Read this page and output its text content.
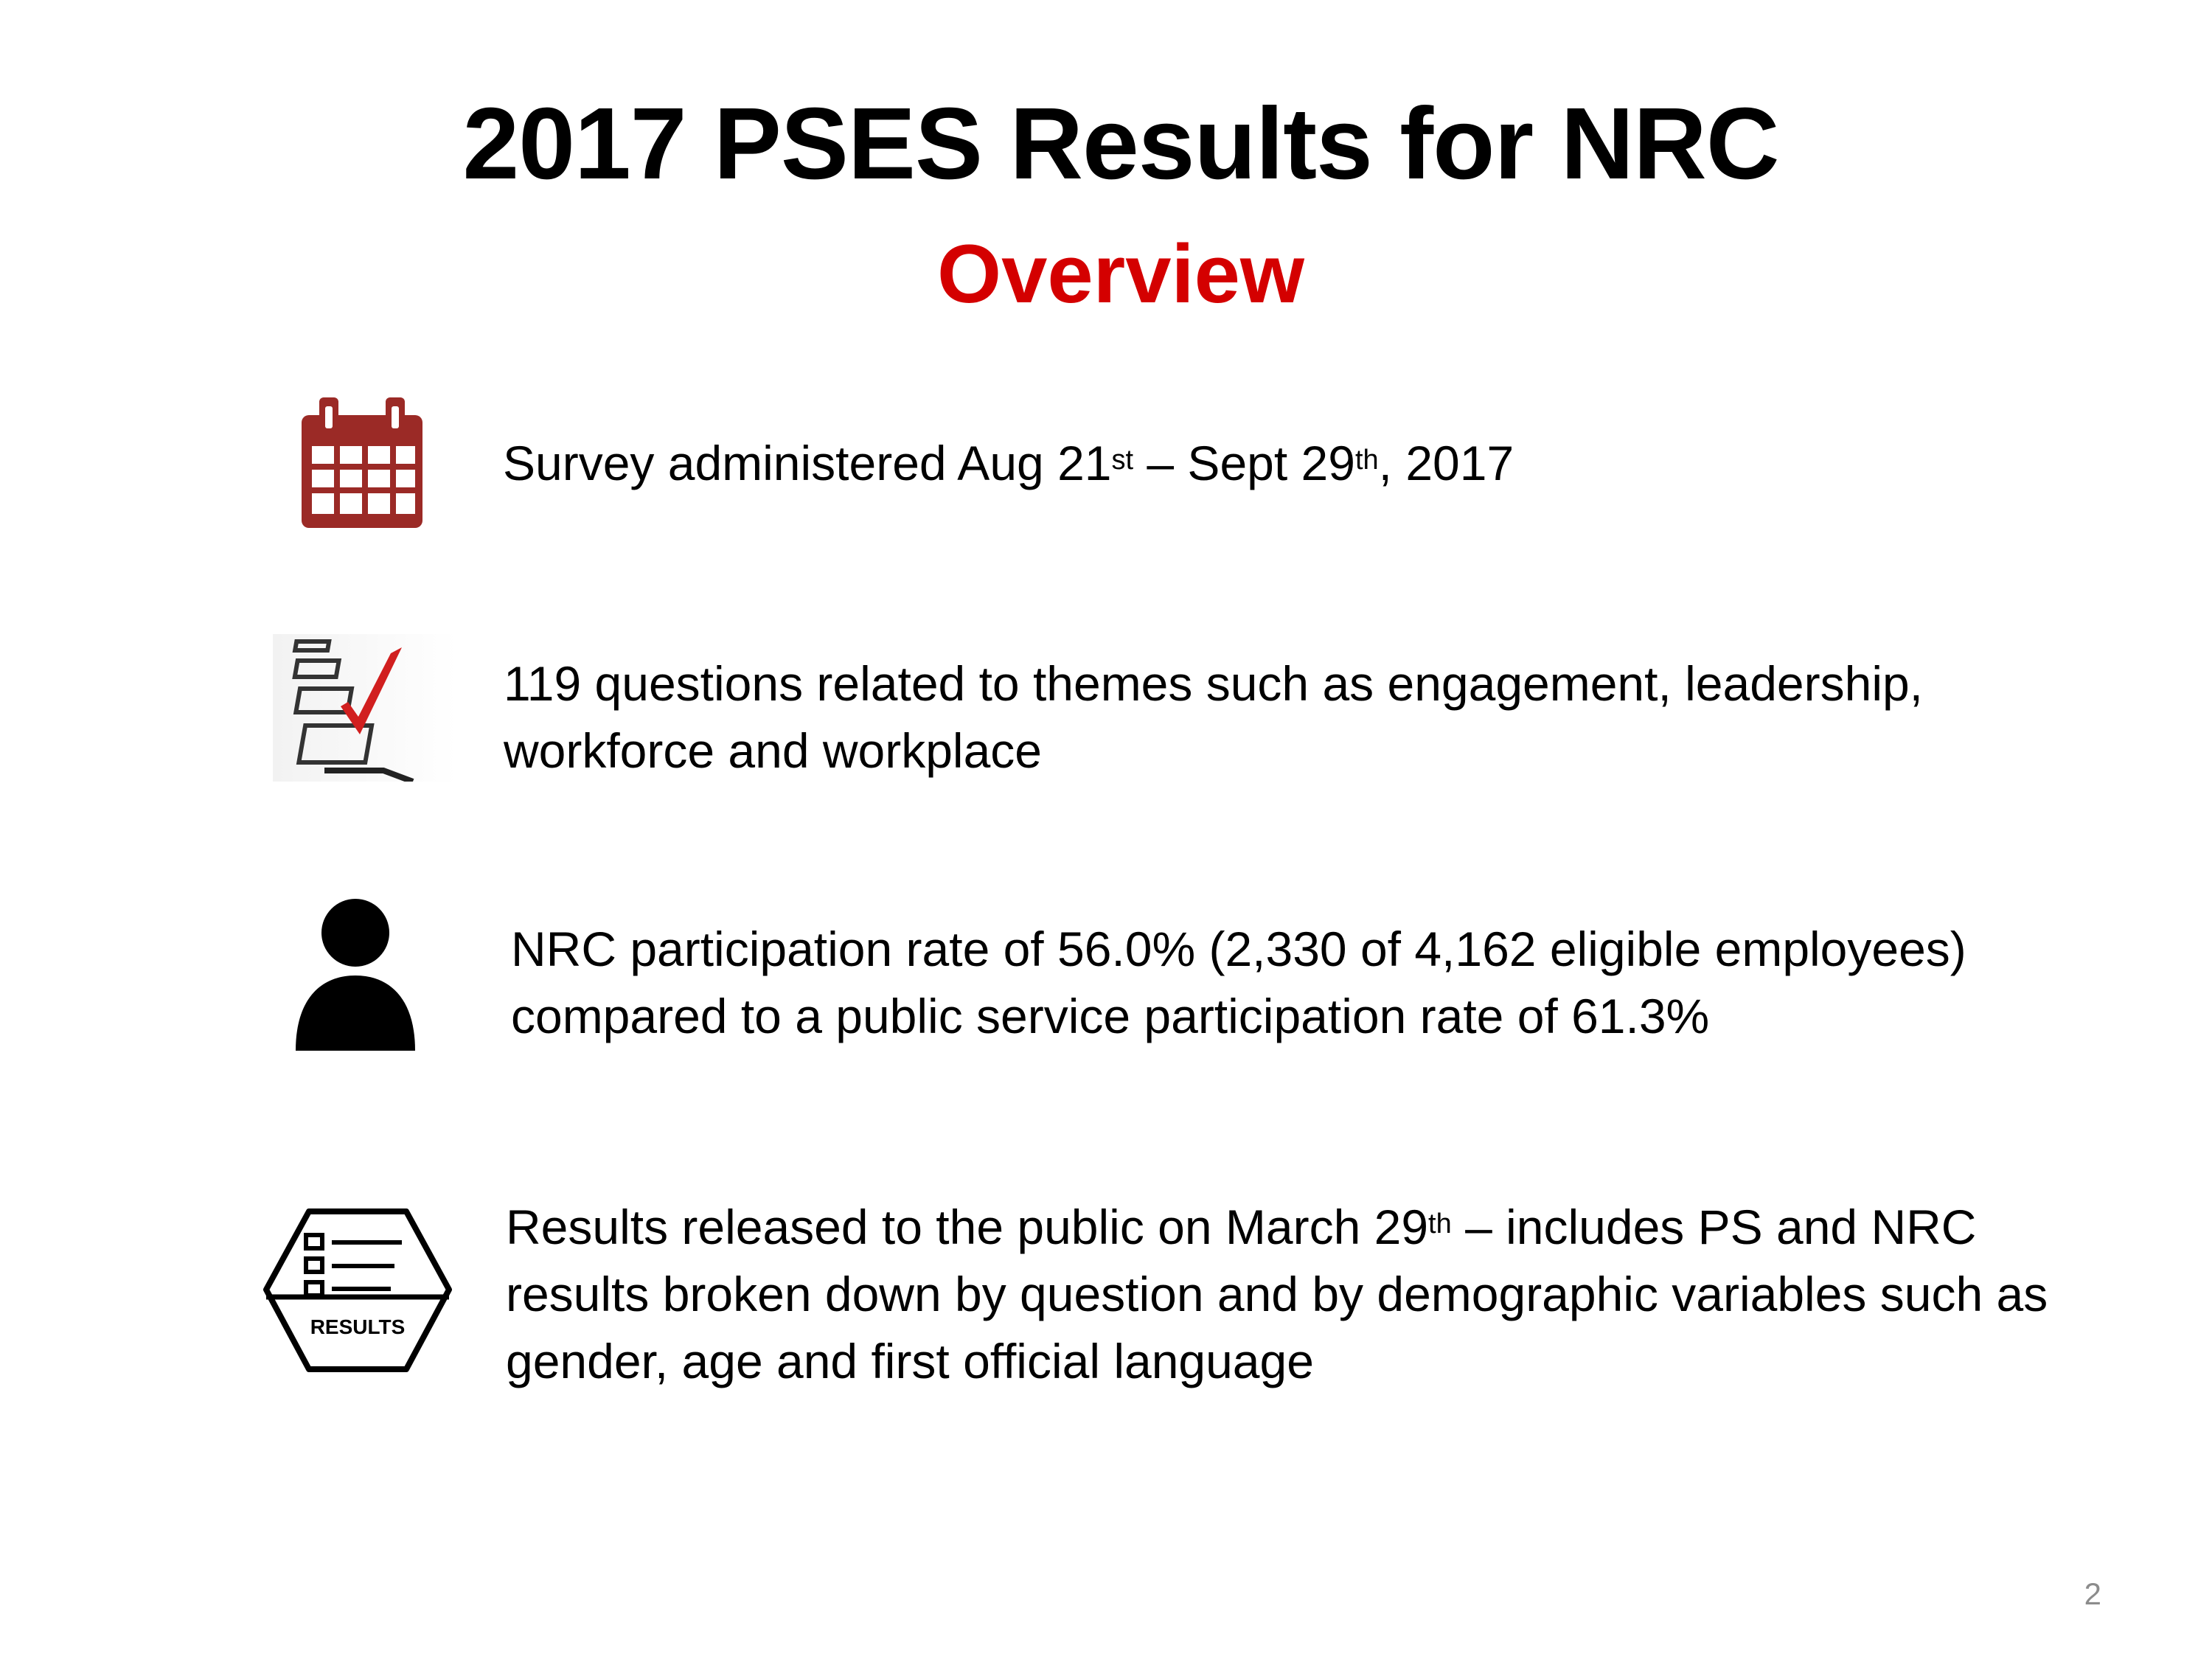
2017 PSES Results for NRC
Overview
Survey administered Aug 21st – Sept 29th, 2017
119 questions related to themes such as engagement, leadership, workforce and workplace
NRC participation rate of 56.0% (2,330 of 4,162 eligible employees) compared to a public service participation rate of 61.3%
RESULTS
Results released to the public on March 29th – includes PS and NRC results broken down by question and by demographic variables such as gender, age and first official language
2
